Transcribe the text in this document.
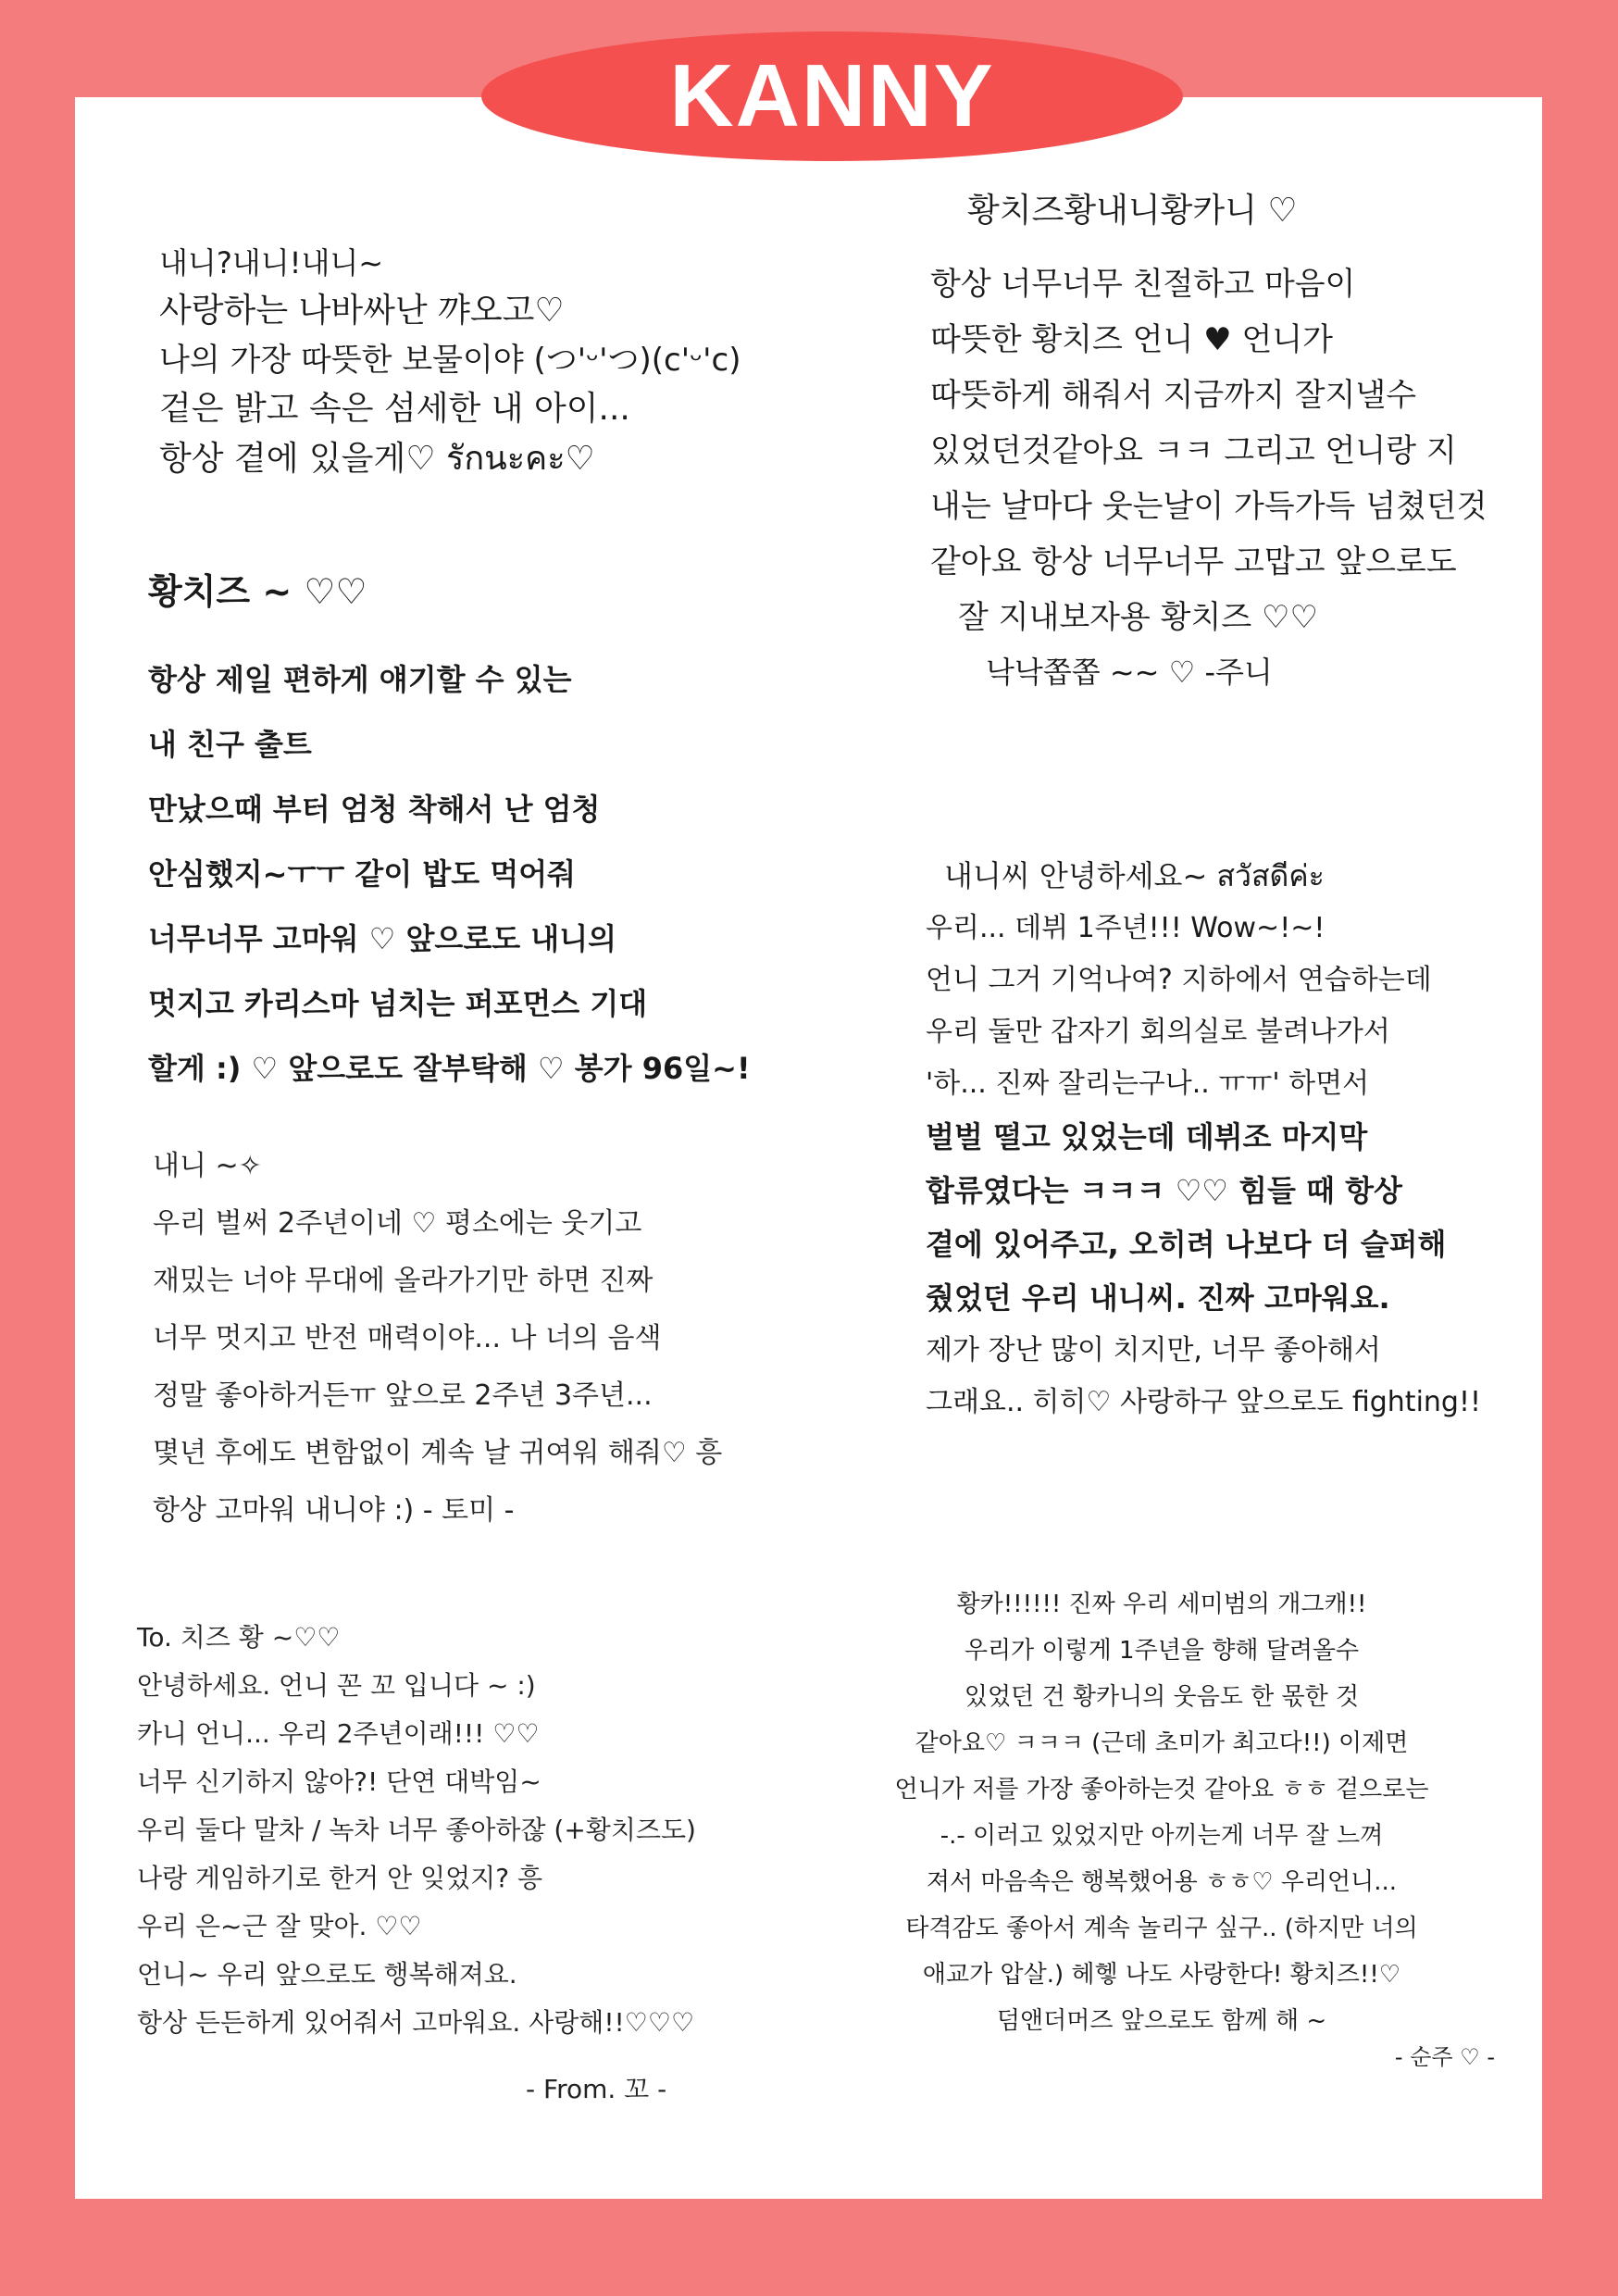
KANNY
내니?내니!내니~
사랑하는 나바싸난 꺄오고♡
나의 가장 따뜻한 보물이야 (つ'ᵕ'つ)(c'ᵕ'c)
겉은 밝고 속은 섬세한 내 아이...
항상 곁에 있을게♡ รักนะคะ♡
황치즈 ~ ♡♡
항상 제일 편하게 얘기할 수 있는
내 친구 출트
만났으때 부터 엄청 착해서 난 엄청
안심했지~ㅜㅜ 같이 밥도 먹어줘
너무너무 고마워 ♡ 앞으로도 내니의
멋지고 카리스마 넘치는 퍼포먼스 기대
할게 :) ♡ 앞으로도 잘부탁해 ♡ 봉가 96일~!
내니 ~✧
우리 벌써 2주년이네 ♡ 평소에는 웃기고
재밌는 너야 무대에 올라가기만 하면 진짜
너무 멋지고 반전 매력이야... 나 너의 음색
정말 좋아하거든ㅠ 앞으로 2주년 3주년...
몇년 후에도 변함없이 계속 날 귀여워 해줘♡ 흥
항상 고마워 내니야 :) - 토미 -
To. 치즈 황 ~♡♡
안녕하세요. 언니 꼰 꼬 입니다 ~ :)
카니 언니... 우리 2주년이래!!! ♡♡
너무 신기하지 않아?! 단연 대박임~
우리 둘다 말차 / 녹차 너무 좋아하잖 (+황치즈도)
나랑 게임하기로 한거 안 잊었지? 흥
우리 은~근 잘 맞아. ♡♡
언니~ 우리 앞으로도 행복해져요.
항상 든든하게 있어줘서 고마워요. 사랑해!!♡♡♡
- From. 꼬 -
황치즈황내니황카니 ♡
항상 너무너무 친절하고 마음이
따뜻한 황치즈 언니 ♥ 언니가
따뜻하게 해줘서 지금까지 잘지낼수
있었던것같아요 ㅋㅋ 그리고 언니랑 지
내는 날마다 웃는날이 가득가득 넘쳤던것
같아요 항상 너무너무 고맙고 앞으로도
잘 지내보자용 황치즈 ♡♡
낙낙쫍쫍 ~~ ♡ -주니
내니씨 안녕하세요~ สวัสดีค่ะ
우리... 데뷔 1주년!!! Wow~!~!
언니 그거 기억나여? 지하에서 연습하는데
우리 둘만 갑자기 회의실로 불려나가서
'하... 진짜 잘리는구나.. ㅠㅠ' 하면서
벌벌 떨고 있었는데 데뷔조 마지막
합류였다는 ㅋㅋㅋ ♡♡ 힘들 때 항상
곁에 있어주고, 오히려 나보다 더 슬퍼해
줬었던 우리 내니씨. 진짜 고마워요.
제가 장난 많이 치지만, 너무 좋아해서
그래요.. 히히♡ 사랑하구 앞으로도 fighting!!
황카!!!!!! 진짜 우리 세미범의 개그캐!!
우리가 이렇게 1주년을 향해 달려올수
있었던 건 황카니의 웃음도 한 몫한 것
같아요♡ ㅋㅋㅋ (근데 초미가 최고다!!) 이제면
언니가 저를 가장 좋아하는것 같아요 ㅎㅎ 겉으로는
-.- 이러고 있었지만 아끼는게 너무 잘 느껴
져서 마음속은 행복했어용 ㅎㅎ♡ 우리언니...
타격감도 좋아서 계속 놀리구 싶구.. (하지만 너의
애교가 압살.) 헤헿 나도 사랑한다! 황치즈!!♡
덤앤더머즈 앞으로도 함께 해 ~
- 순주 ♡ -
